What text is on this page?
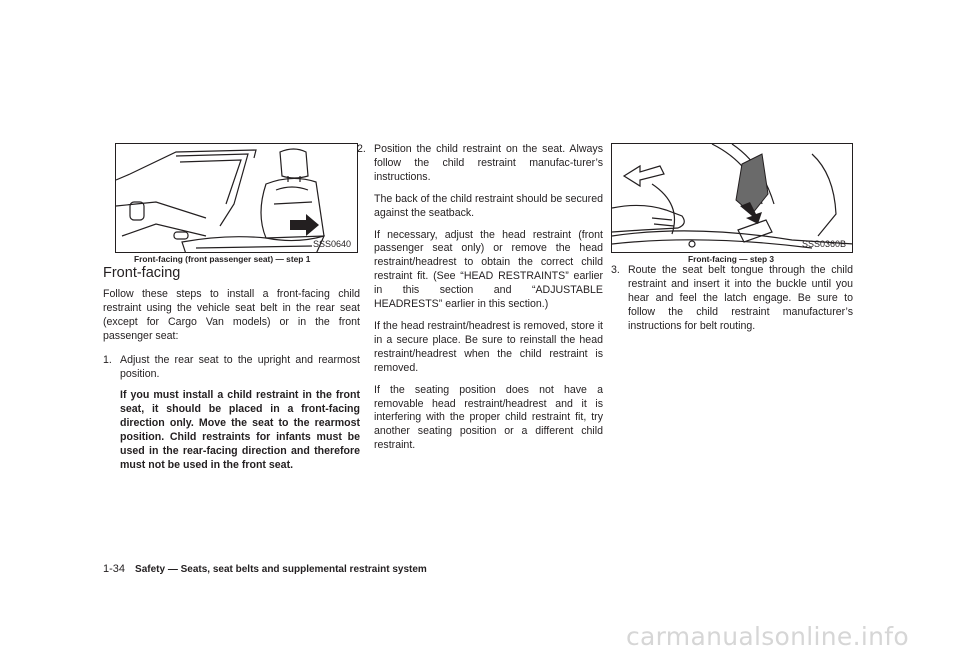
SSS0640
Front-facing (front passenger seat) — step 1
Front-facing

Follow these steps to install a front-facing child restraint using the vehicle seat belt in the rear seat (except for Cargo Van models) or in the front passenger seat:

1. Adjust the rear seat to the upright and rearmost position.

If you must install a child restraint in the front seat, it should be placed in a front-facing direction only. Move the seat to the rearmost position. Child restraints for infants must be used in the rear-facing direction and therefore must not be used in the front seat.

2. Position the child restraint on the seat. Always follow the child restraint manufac-turer’s instructions.

The back of the child restraint should be secured against the seatback.

If necessary, adjust the head restraint (front passenger seat only) or remove the head restraint/headrest to obtain the correct child restraint fit. (See “HEAD RESTRAINTS” earlier in this section and “ADJUSTABLE HEADRESTS” earlier in this section.)

If the head restraint/headrest is removed, store it in a secure place. Be sure to reinstall the head restraint/headrest when the child restraint is removed.

If the seating position does not have a removable head restraint/headrest and it is interfering with the proper child restraint fit, try another seating position or a different child restraint.

SSS0360B
Front-facing — step 3
3. Route the seat belt tongue through the child restraint and insert it into the buckle until you hear and feel the latch engage. Be sure to follow the child restraint manufacturer’s instructions for belt routing.

1-34 Safety — Seats, seat belts and supplemental restraint system
carmanualsonline.info
